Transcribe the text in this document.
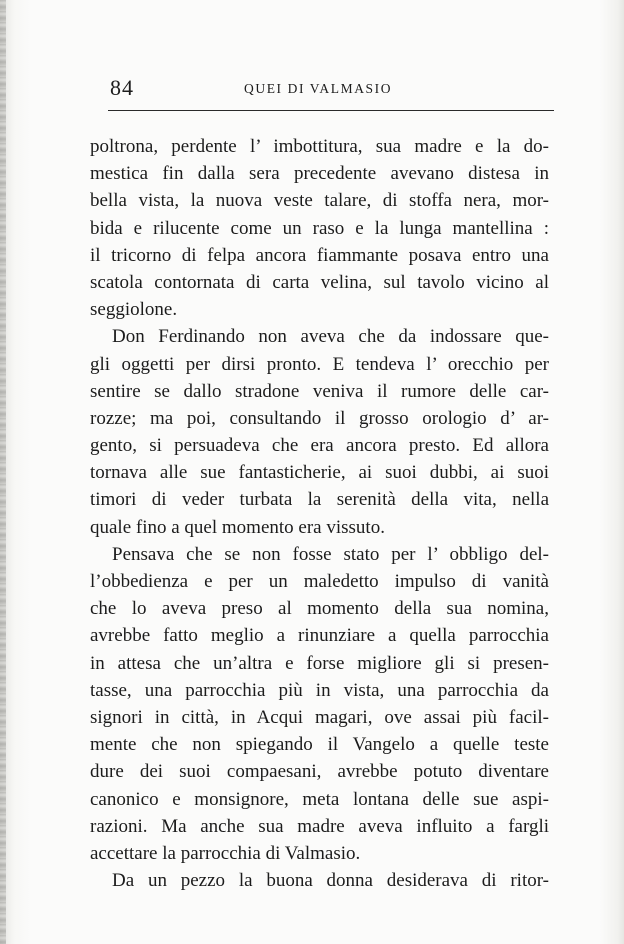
84	QUEI DI VALMASIO
poltrona, perdente l’ imbottitura, sua madre e la do-
mestica fin dalla sera precedente avevano distesa in
bella vista, la nuova veste talare, di stoffa nera, mor-
bida e rilucente come un raso e la lunga mantellina :
il tricorno di felpa ancora fiammante posava entro una
scatola contornata di carta velina, sul tavolo vicino al
seggiolone.
Don Ferdinando non aveva che da indossare que-
gli oggetti per dirsi pronto. E tendeva l’ orecchio per
sentire se dallo stradone veniva il rumore delle car-
rozze; ma poi, consultando il grosso orologio d’ ar-
gento, si persuadeva che era ancora presto. Ed allora
tornava alle sue fantasticherie, ai suoi dubbi, ai suoi
timori di veder turbata la serenità della vita, nella
quale fino a quel momento era vissuto.
Pensava che se non fosse stato per l’ obbligo del-
l’obbedienza e per un maledetto impulso di vanità
che lo aveva preso al momento della sua nomina,
avrebbe fatto meglio a rinunziare a quella parrocchia
in attesa che un’altra e forse migliore gli si presen-
tasse, una parrocchia più in vista, una parrocchia da
signori in città, in Acqui magari, ove assai più facil-
mente che non spiegando il Vangelo a quelle teste
dure dei suoi compaesani, avrebbe potuto diventare
canonico e monsignore, meta lontana delle sue aspi-
razioni. Ma anche sua madre aveva influito a fargli
accettare la parrocchia di Valmasio.
Da un pezzo la buona donna desiderava di ritor-
